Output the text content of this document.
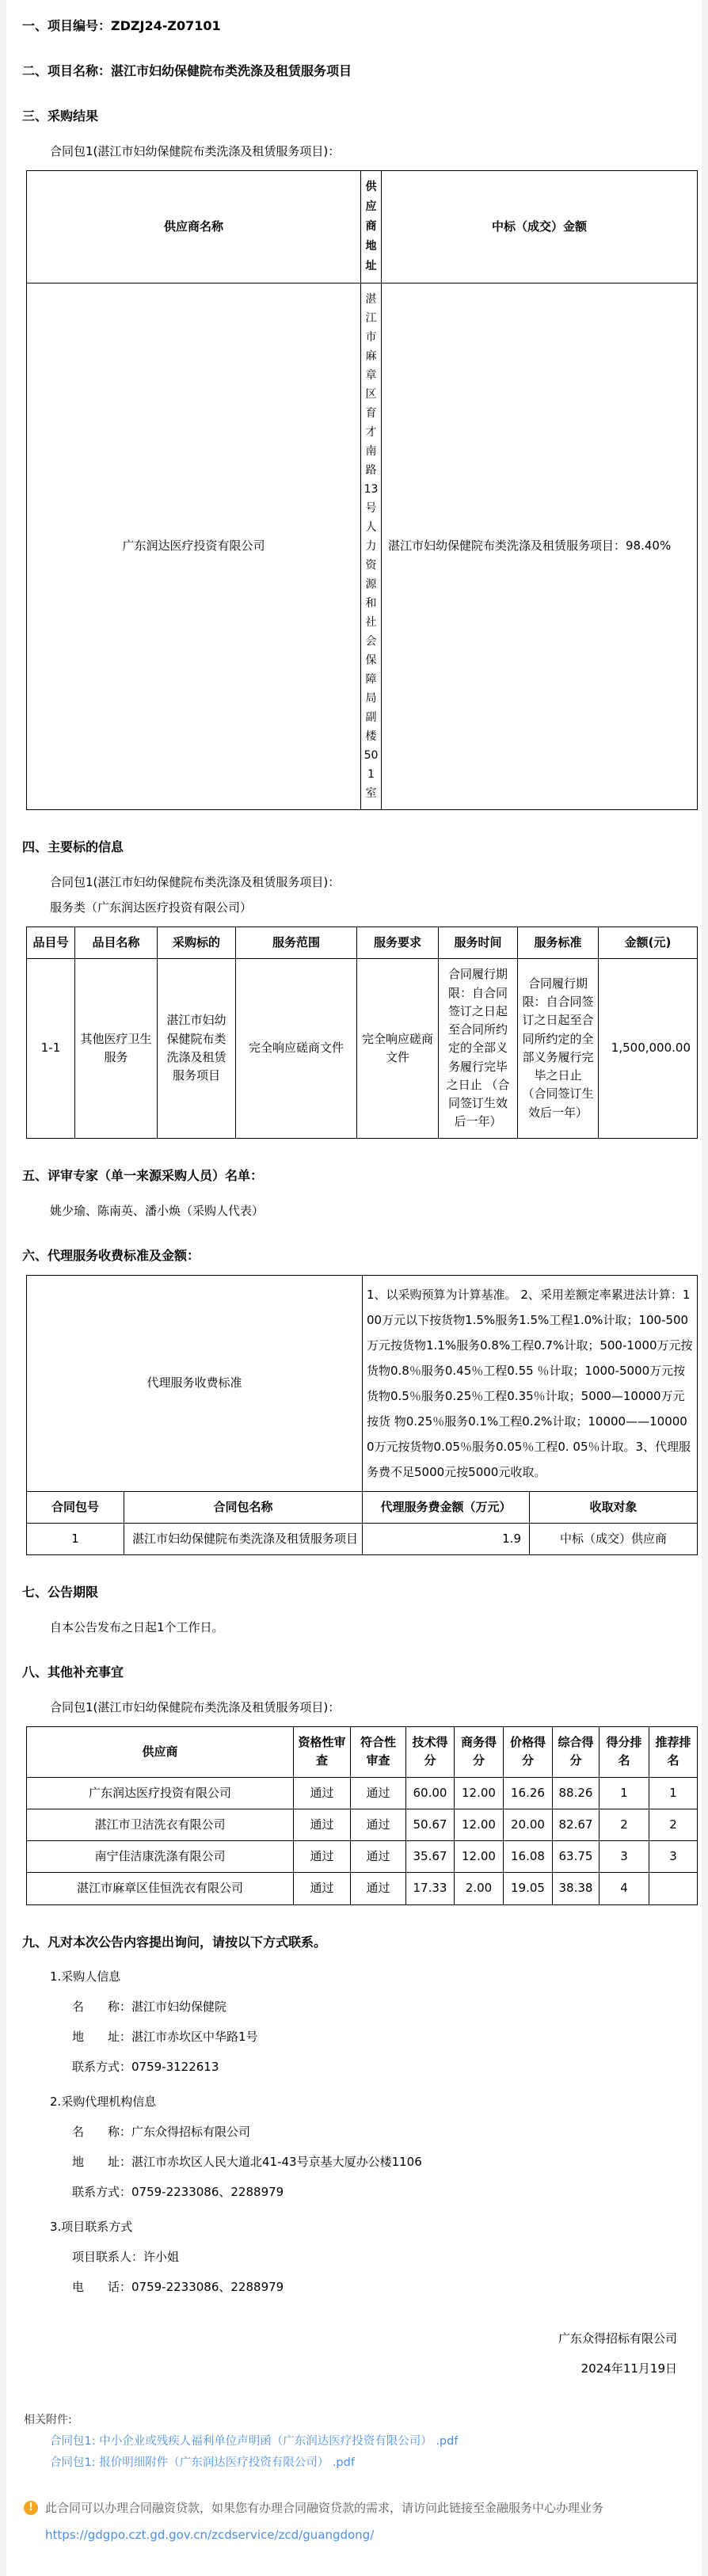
一、项目编号：ZDZJ24-Z07101
二、项目名称：湛江市妇幼保健院布类洗涤及租赁服务项目
三、采购结果

合同包1(湛江市妇幼保健院布类洗涤及租赁服务项目)：

供应商名称	供应商地址	中标（成交）金额
广东润达医疗投资有限公司	湛江市麻章区育才南路13号人力资源和社会保障局副楼501室	湛江市妇幼保健院布类洗涤及租赁服务项目：98.40%
四、主要标的信息

合同包1(湛江市妇幼保健院布类洗涤及租赁服务项目)：

服务类（广东润达医疗投资有限公司）

品目号	品目名称	采购标的	服务范围	服务要求	服务时间	服务标准	金额(元)
1-1	其他医疗卫生服务	湛江市妇幼保健院布类洗涤及租赁服务项目	完全响应磋商文件	完全响应磋商文件	合同履行期限：自合同签订之日起至合同所约定的全部义务履行完毕之日止 （合同签订生效后一年）	合同履行期限：自合同签订之日起至合同所约定的全部义务履行完毕之日止 （合同签订生效后一年）	1,500,000.00
五、评审专家（单一来源采购人员）名单：

姚少瑜、陈南英、潘小焕（采购人代表）

六、代理服务收费标准及金额：
代理服务收费标准	1、以采购预算为计算基准。 2、采用差额定率累进法计算：100万元以下按货物1.5%服务1.5%工程1.0%计取；100-500 万元按货物1.1%服务0.8%工程0.7%计取；500-1000万元按货物0.8％服务0.45％工程0.55 ％计取；1000-5000万元按货物0.5％服务0.25％工程0.35％计取；5000—10000万元按货 物0.25％服务0.1%工程0.2%计取；10000——100000万元按货物0.05％服务0.05％工程0. 05％计取。3、代理服务费不足5000元按5000元收取。
合同包号	合同包名称	代理服务费金额（万元）	收取对象
1	湛江市妇幼保健院布类洗涤及租赁服务项目	1.9	中标（成交）供应商
七、公告期限

自本公告发布之日起1个工作日。

八、其他补充事宜

合同包1(湛江市妇幼保健院布类洗涤及租赁服务项目)：

供应商	资格性审查	符合性审查	技术得分	商务得分	价格得分	综合得分	得分排名	推荐排名
广东润达医疗投资有限公司	通过	通过	60.00	12.00	16.26	88.26	1	1
湛江市卫洁洗衣有限公司	通过	通过	50.67	12.00	20.00	82.67	2	2
南宁佳洁康洗涤有限公司	通过	通过	35.67	12.00	16.08	63.75	3	3
湛江市麻章区佳恒洗衣有限公司	通过	通过	17.33	2.00	19.05	38.38	4	
九、凡对本次公告内容提出询问，请按以下方式联系。

1.采购人信息

名　　称：湛江市妇幼保健院

地　　址：湛江市赤坎区中华路1号

联系方式：0759-3122613

2.采购代理机构信息

名　　称：广东众得招标有限公司

地　　址：湛江市赤坎区人民大道北41-43号京基大厦办公楼1106

联系方式：0759-2233086、2288979

3.项目联系方式

项目联系人：许小姐

电　　话：0759-2233086、2288979

广东众得招标有限公司
2024年11月19日
相关附件:
合同包1: 中小企业或残疾人福利单位声明函（广东润达医疗投资有限公司） .pdf
合同包1: 报价明细附件（广东润达医疗投资有限公司） .pdf
!	此合同可以办理合同融资贷款，如果您有办理合同融资贷款的需求，请访问此链接至金融服务中心办理业务
https://gdgpo.czt.gd.gov.cn/zcdservice/zcd/guangdong/
